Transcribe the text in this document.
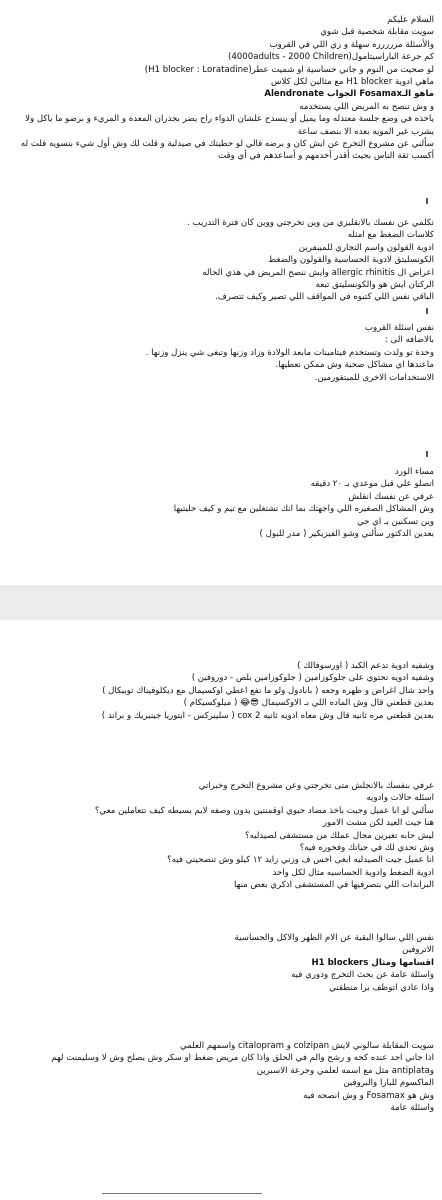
السلام عليكم
سويت مقابلة شخصية قبل شوي
والأسئلة مررررره سهلة و زي اللي في القروب
كم جرعة الباراسيتامول(4000adults - 2000 Children)
لو صحيت من النوم و جاني حساسية او شميت عطر(H1 blocker : Loratadine)
ماهي ادوية H1 blocker مع مثالين لكل كلاس
ماهو الـFosamax الجواب Alendronate
و وش تنصح به المريض اللي يستخدمه
ياخذه في وضع جلسة معتدله وما يميل أو ينسدح علشان الدواء راح يضر بجدران المعدة و المريء و برضو ما ياكل ولا يشرب غير المويه بعده الا بنصف ساعة
سألني عن مشروع التخرج عن ايش كان و برضه قالي لو حطيتك في صيدلية و قلت لك وش أول شيء بتسويه قلت له أكسب ثقة الناس بحيث أقدر أخدمهم و أساعدهم في أي وقت
تكلمي عن نفسك بالانقليزي من وين تخرجتي ووين كان فترة التدريب .
كلاسات الضغط مع امثله
ادوية القولون واسم التجاري للميبفرين
الكونسليتق لادوية الحساسية والقولون والضغط
اعراض ال allergic rhinitis وايش ننصح المريض في هذي الحاله
الركتان ايش هو والكونسليتق تبعه
الباقي نفس اللي كتبوه في المواقف اللي تصير وكيف تتصرف.
نفس اسئلة القروب
بالاضافه الى :
وحدة تو ولدت وتستخدم فيتامينات مابعد الولادة وزاد وزنها وتبغى شي ينزل وزنها .
ماعندها اي مشاكل صحية وش ممكن نعطيها.
الاستخدامات الاخرى للميتفورمين.
مساء الورد
اتصلو علي قبل موعدي بـ ٢٠ دقيقه
عرفي عن نفسك انقلش
وش المشاكل الصغيره اللي واجهتك بما انك تشتغلين مع تيم و كيف حليتيها
وين تسكنين بـ اي حي
بعدين الدكتور سألني وشو الفيزيكير ( مدر للبول )
وشفيه ادوية تدعم الكبد ( اورسوفالك )
وشفيه ادويه تحتوي على جلوكوزامين ( جلوكوزامين بلص - دوروفين )
واحد شال اغراض و ظهره وجعه ( بانادول ولو ما نفع اعطي اوكسيمال مع ديكلوفيناك توبيكال )
بعدين قطعني قال وش الماده اللي بـ الاوكسيمال 😎😂 ( ميلوكسيكام )
بعدين قطعني مره ثانيه قال وش معاه ادويه ثانيه cox 2 ( سليبركس - ايتوريا جينيريك و براند )
عرفي بنفسك بالانجلش متى تخرجتي وعن مشروع التخرج وخبراتي
اسئله حالات وادويه
سألني لو انا عميل وجيت باخذ مضاد حيوي اوقمنتين بدون وصفه لايم بسيطه كيف تتعاملين معي؟
هنا جيت العيد لكن مشت الامور
ليش حابه تغيرين مجال عملك من مستشفى لصيدليه؟
وش تحدي لك في حياتك وفخوره فيه؟
انا عميل جيت الصيدليه ابغى اخس ف وزني زايد ١٢ كيلو وش تنصحيني فيه؟
ادوية الضغط وادوية الحساسيه مثال لكل واحد
البراندات اللي بتصرفيها في المستشفى اذكري بعض منها
نفس اللي سالوا البقية عن الام الظهر والاكل والحساسية
الاتروفين
H1 blockers اقسامها ومثال
واسئلة عامة عن بحث التخرج ودوري فيه
واذا عادي اتوظف برا منطقتي
سويت المقابلة سالوني لايش colzipan و citalopram واسمهم العلمي
اذا جاني احد عنده كحه و رشح والم في الحلق واذا كان مريض ضغط او سكر وش يصلح وش لا وسليمنت لهم
وantiplata مثل مع اسمه لعلمي وجرعة الاسبرين
الماكسوم للبارا والبروفين
وش هو Fosamax و وش انصحه فيه
واسئلة عامة
